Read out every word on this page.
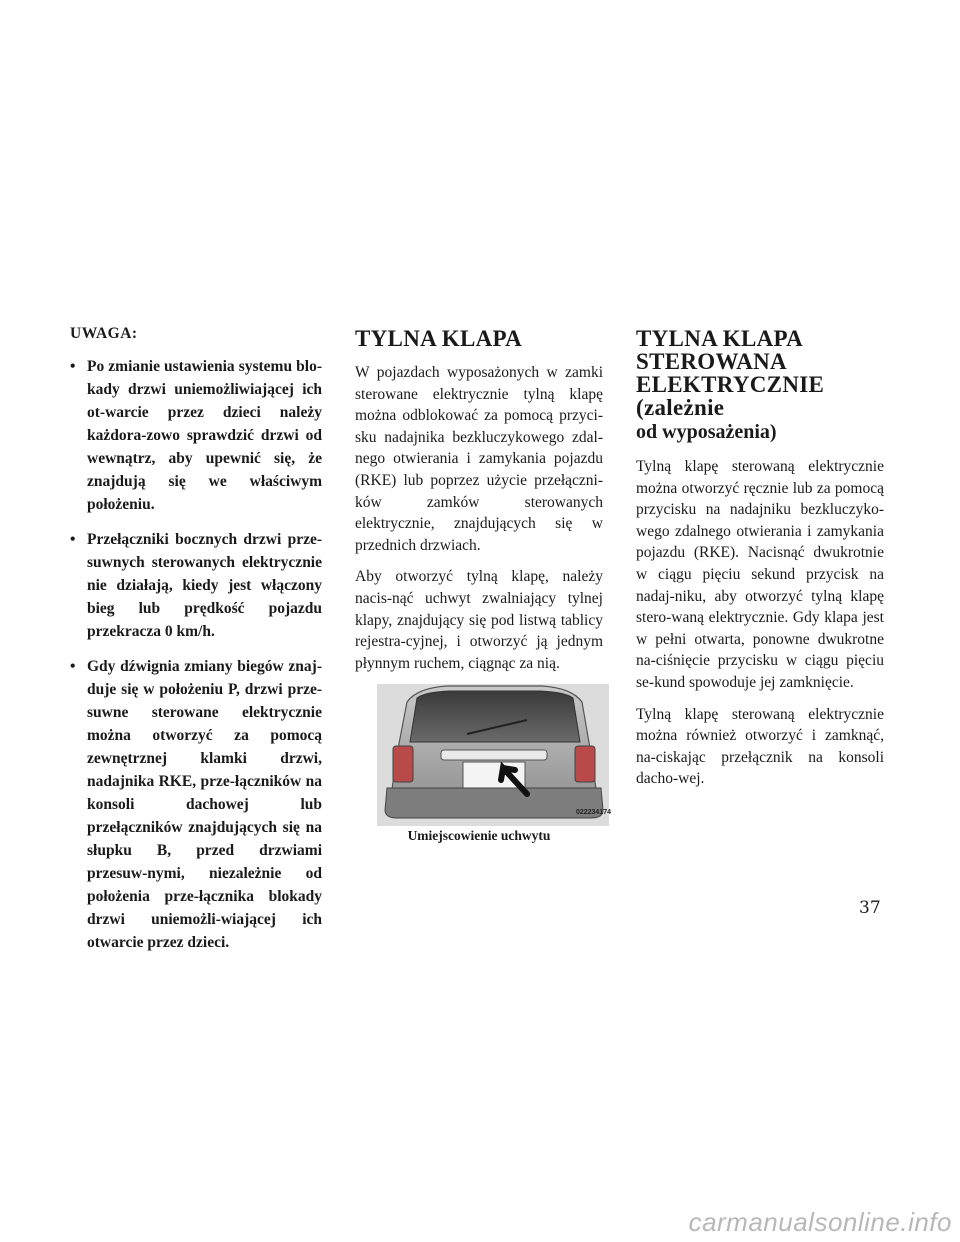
UWAGA:
• Po zmianie ustawienia systemu blo-kady drzwi uniemożliwiającej ich ot-warcie przez dzieci należy każdora-zowo sprawdzić drzwi od wewnątrz, aby upewnić się, że znajdują się we właściwym położeniu.
• Przełączniki bocznych drzwi prze-suwnych sterowanych elektrycznie nie działają, kiedy jest włączony bieg lub prędkość pojazdu przekracza 0 km/h.
• Gdy dźwignia zmiany biegów znaj-duje się w położeniu P, drzwi prze-suwne sterowane elektrycznie można otworzyć za pomocą zewnętrznej klamki drzwi, nadajnika RKE, prze-łączników na konsoli dachowej lub przełączników znajdujących się na słupku B, przed drzwiami przesuw-nymi, niezależnie od położenia prze-łącznika blokady drzwi uniemożli-wiającej ich otwarcie przez dzieci.
TYLNA KLAPA

W pojazdach wyposażonych w zamki sterowane elektrycznie tylną klapę można odblokować za pomocą przyci-sku nadajnika bezkluczykowego zdal-nego otwierania i zamykania pojazdu (RKE) lub poprzez użycie przełączni-ków zamków sterowanych elektrycznie, znajdujących się w przednich drzwiach.

Aby otworzyć tylną klapę, należy nacis-nąć uchwyt zwalniający tylnej klapy, znajdujący się pod listwą tablicy rejestra-cyjnej, i otworzyć ją jednym płynnym ruchem, ciągnąc za nią.

022234174
Umiejscowienie uchwytu
TYLNA KLAPA
STEROWANA
ELEKTRYCZNIE (zależnie
od wyposażenia)

Tylną klapę sterowaną elektrycznie można otworzyć ręcznie lub za pomocą przycisku na nadajniku bezkluczyko-wego zdalnego otwierania i zamykania pojazdu (RKE). Nacisnąć dwukrotnie w ciągu pięciu sekund przycisk na nadaj-niku, aby otworzyć tylną klapę stero-waną elektrycznie. Gdy klapa jest w pełni otwarta, ponowne dwukrotne na-ciśnięcie przycisku w ciągu pięciu se-kund spowoduje jej zamknięcie.

Tylną klapę sterowaną elektrycznie można również otworzyć i zamknąć, na-ciskając przełącznik na konsoli dacho-wej.

37
carmanualsonline.info
